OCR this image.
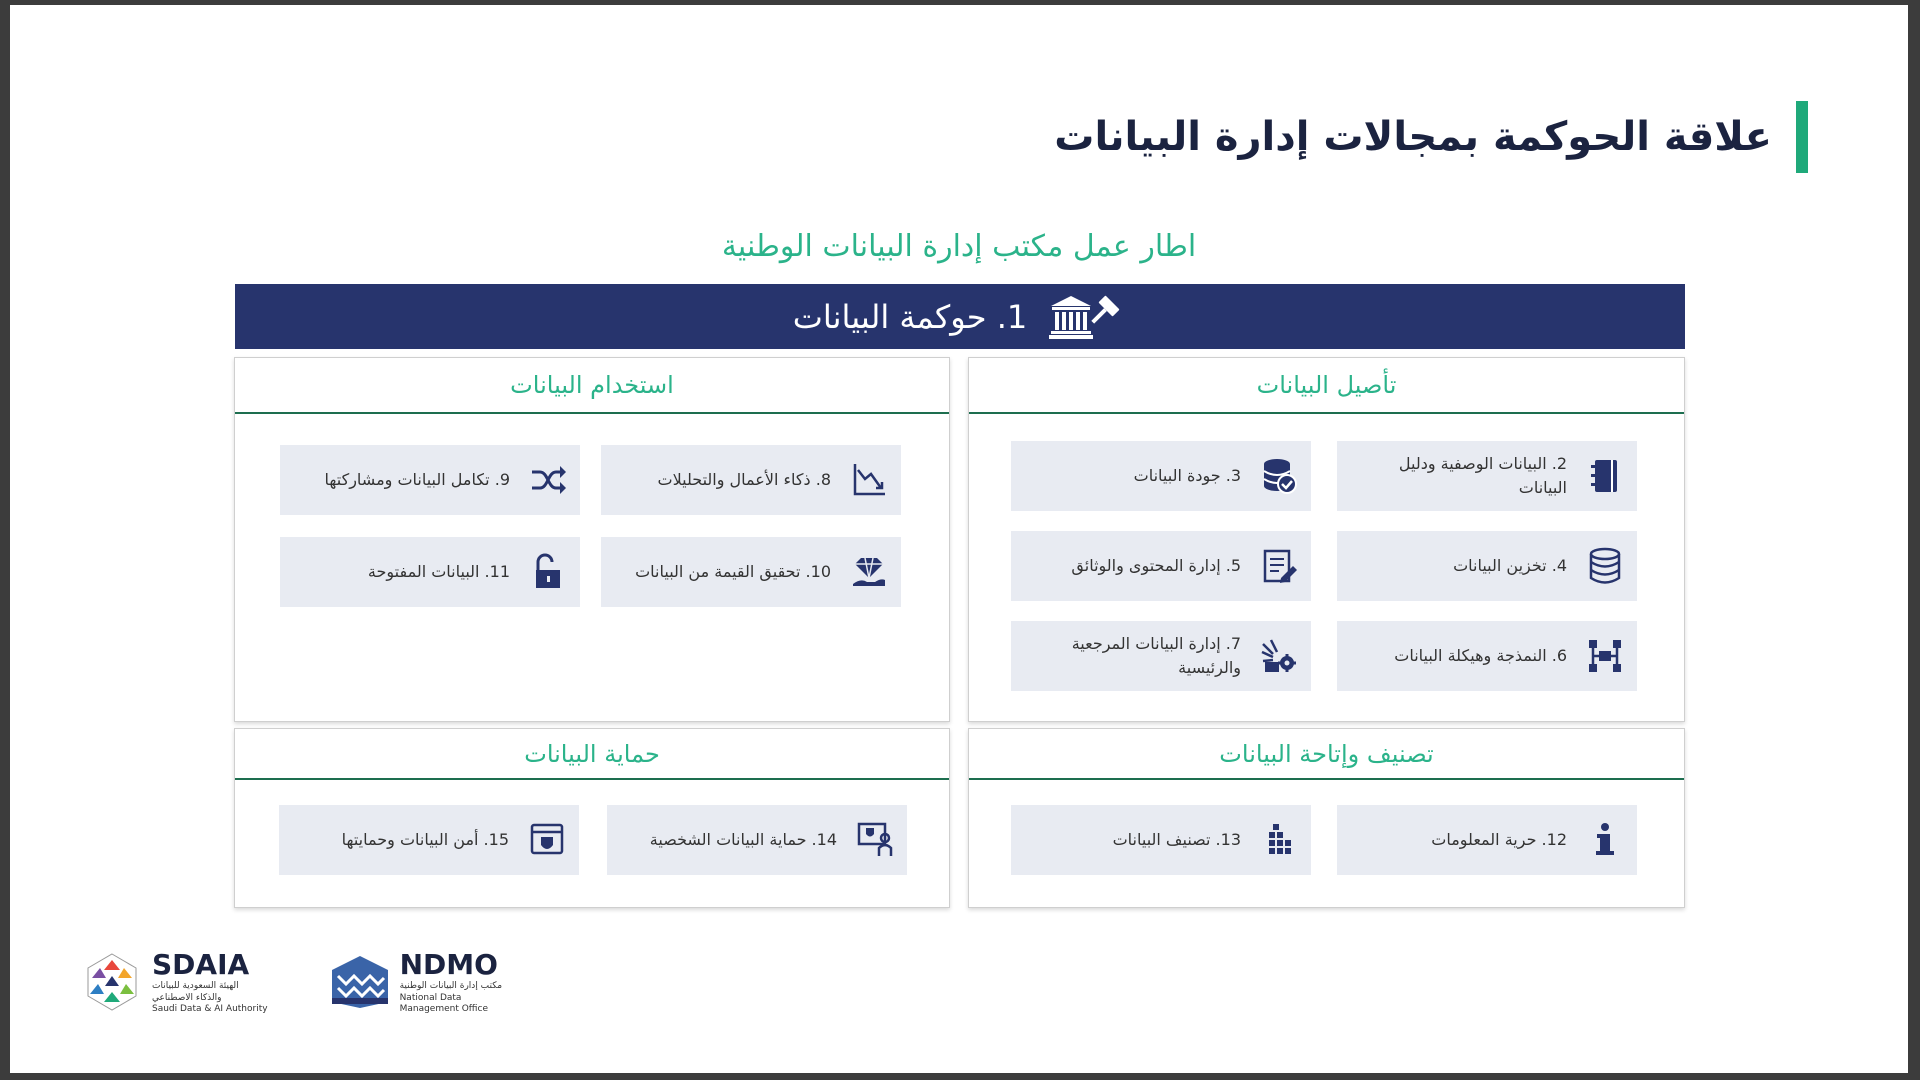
علاقة الحوكمة بمجالات إدارة البيانات
اطار عمل مكتب إدارة البيانات الوطنية
1. حوكمة البيانات
تأصيل البيانات
استخدام البيانات
تصنيف وإتاحة البيانات
حماية البيانات
2. البيانات الوصفية ودليل البيانات
3. جودة البيانات
4. تخزين البيانات
5. إدارة المحتوى والوثائق
6. النمذجة وهيكلة البيانات
7. إدارة البيانات المرجعية والرئيسية
8. ذكاء الأعمال والتحليلات
9. تكامل البيانات ومشاركتها
10. تحقيق القيمة من البيانات
11. البيانات المفتوحة
12. حرية المعلومات
13. تصنيف البيانات
14. حماية البيانات الشخصية
15. أمن البيانات وحمايتها
SDAIA
الهيئة السعودية للبيانات
والذكاء الاصطناعي
Saudi Data & AI Authority
NDMO
مكتب إدارة البيانات الوطنية
National Data
Management Office
